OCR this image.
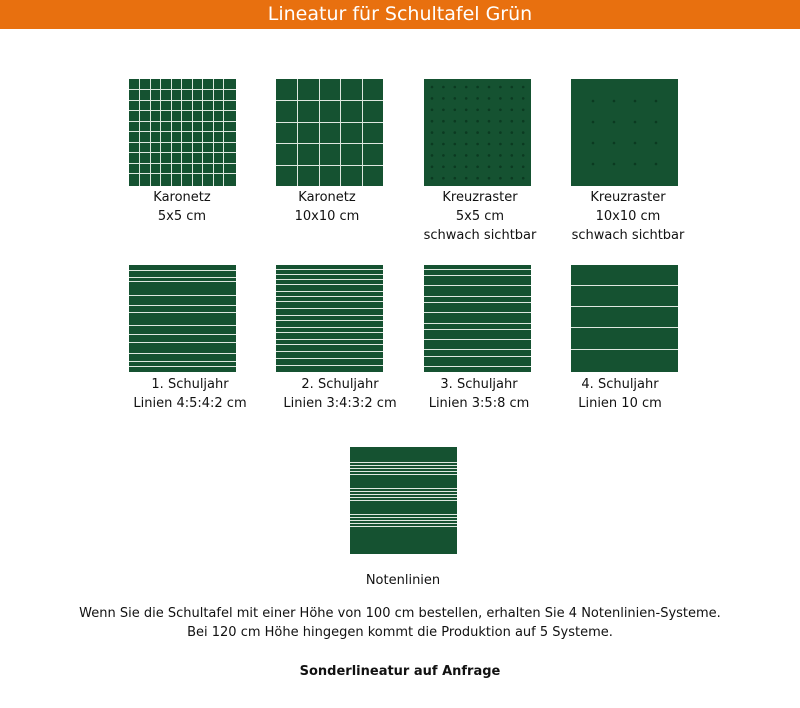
Lineatur für Schultafel Grün
Karonetz
5x5 cm
Karonetz
10x10 cm
Kreuzraster
5x5 cm
schwach sichtbar
Kreuzraster
10x10 cm
schwach sichtbar
1. Schuljahr
Linien 4:5:4:2 cm
2. Schuljahr
Linien 3:4:3:2 cm
3. Schuljahr
Linien 3:5:8 cm
4. Schuljahr
Linien 10 cm
Notenlinien
Wenn Sie die Schultafel mit einer Höhe von 100 cm bestellen, erhalten Sie 4 Notenlinien-Systeme.
Bei 120 cm Höhe hingegen kommt die Produktion auf 5 Systeme.
Sonderlineatur auf Anfrage
